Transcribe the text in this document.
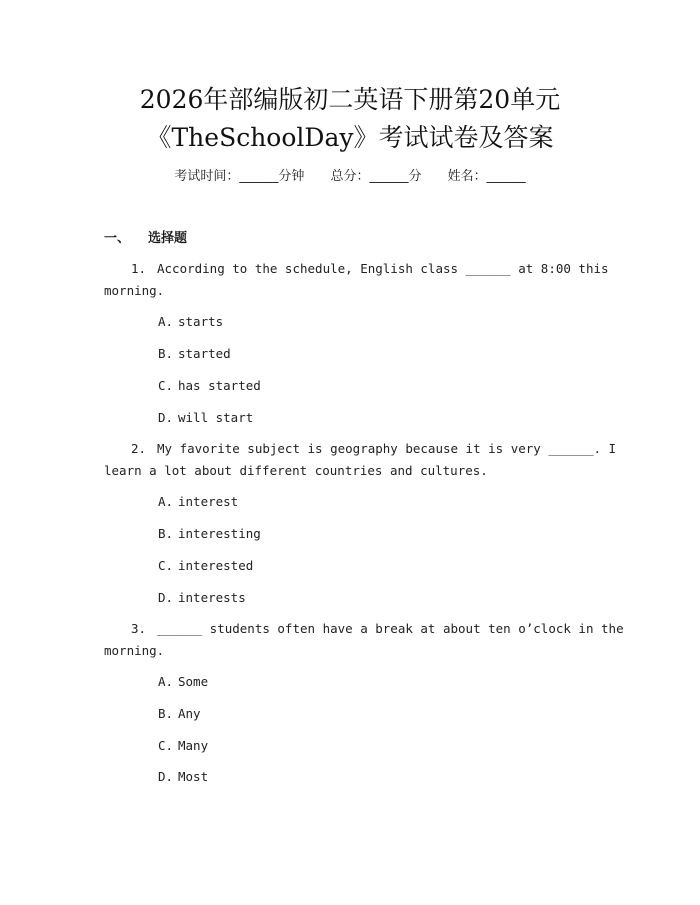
2026年部编版初二英语下册第20单元
《TheSchoolDay》考试试卷及答案
考试时间：______分钟 总分：______分 姓名：______
一、 选择题
1. According to the schedule, English class ______ at 8:00 this
morning.
A. starts
B. started
C. has started
D. will start
2. My favorite subject is geography because it is very ______. I
learn a lot about different countries and cultures.
A. interest
B. interesting
C. interested
D. interests
3. ______ students often have a break at about ten o’clock in the
morning.
A. Some
B. Any
C. Many
D. Most
